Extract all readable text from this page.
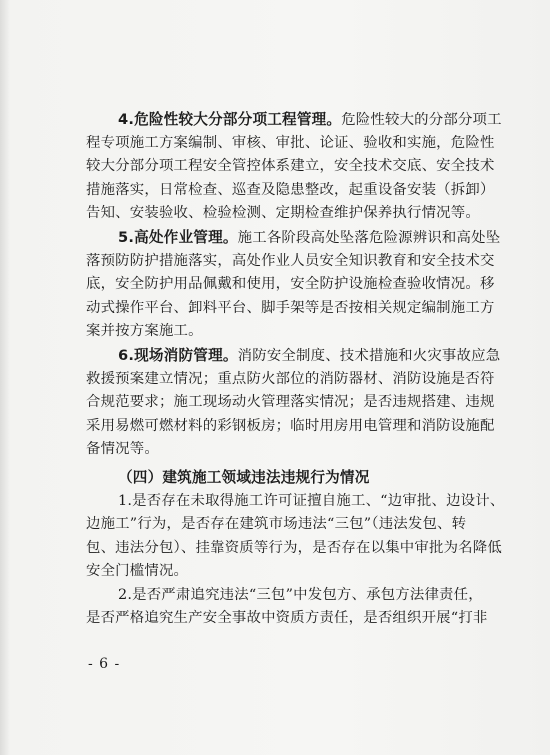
4.危险性较大分部分项工程管理。危险性较大的分部分项工
程专项施工方案编制、审核、审批、论证、验收和实施，危险性
较大分部分项工程安全管控体系建立，安全技术交底、安全技术
措施落实，日常检查、巡查及隐患整改，起重设备安装（拆卸）
告知、安装验收、检验检测、定期检查维护保养执行情况等。
5.高处作业管理。施工各阶段高处坠落危险源辨识和高处坠
落预防防护措施落实，高处作业人员安全知识教育和安全技术交
底，安全防护用品佩戴和使用，安全防护设施检查验收情况。移
动式操作平台、卸料平台、脚手架等是否按相关规定编制施工方
案并按方案施工。
6.现场消防管理。消防安全制度、技术措施和火灾事故应急
救援预案建立情况；重点防火部位的消防器材、消防设施是否符
合规范要求；施工现场动火管理落实情况；是否违规搭建、违规
采用易燃可燃材料的彩钢板房；临时用房用电管理和消防设施配
备情况等。
（四）建筑施工领域违法违规行为情况
1.是否存在未取得施工许可证擅自施工、“边审批、边设计、
边施工”行为，是否存在建筑市场违法“三包”（违法发包、转
包、违法分包）、挂靠资质等行为，是否存在以集中审批为名降低
安全门槛情况。
2.是否严肃追究违法“三包”中发包方、承包方法律责任，
是否严格追究生产安全事故中资质方责任，是否组织开展“打非
- 6 -
